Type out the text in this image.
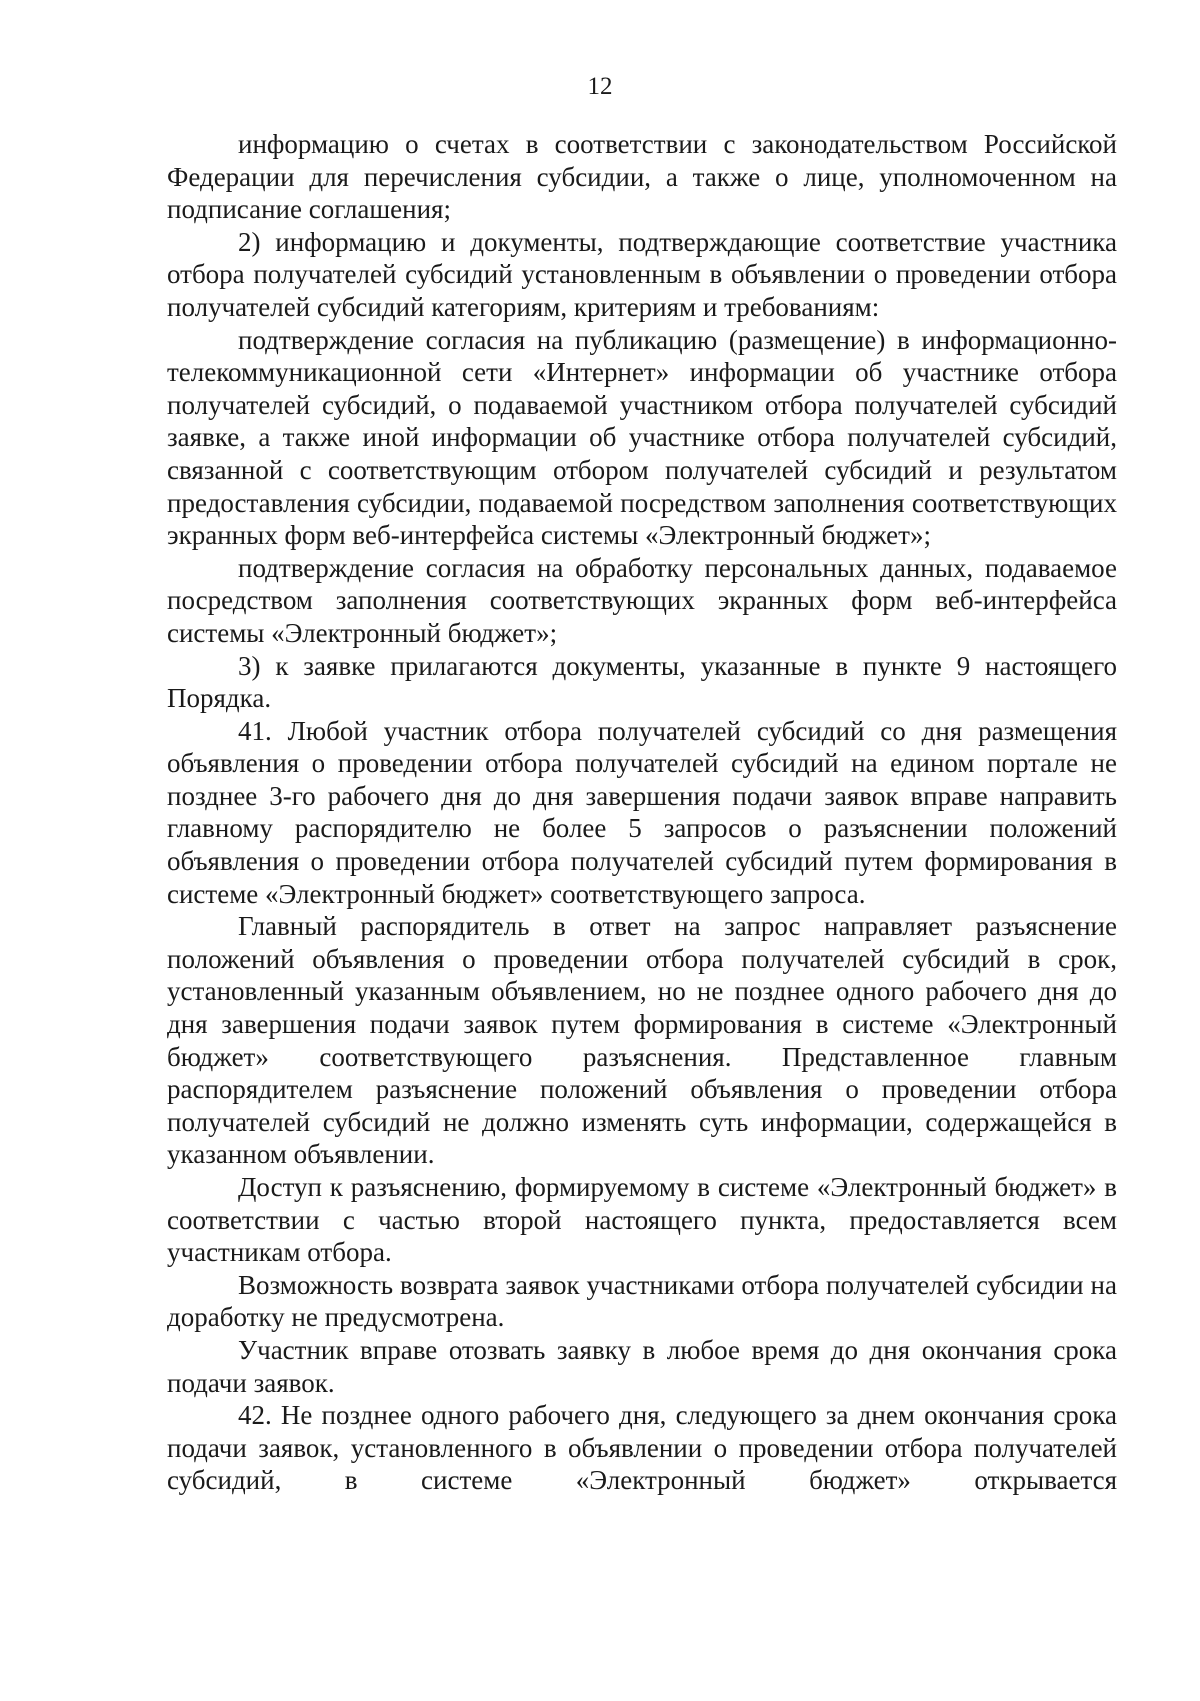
12

информацию о счетах в соответствии с законодательством Российской Федерации для перечисления субсидии, а также о лице, уполномоченном на подписание соглашения;

2) информацию и документы, подтверждающие соответствие участника отбора получателей субсидий установленным в объявлении о проведении отбора получателей субсидий категориям, критериям и требованиям:

подтверждение согласия на публикацию (размещение) в информационно-телекоммуникационной сети «Интернет» информации об участнике отбора получателей субсидий, о подаваемой участником отбора получателей субсидий заявке, а также иной информации об участнике отбора получателей субсидий, связанной с соответствующим отбором получателей субсидий и результатом предоставления субсидии, подаваемой посредством заполнения соответствующих экранных форм веб-интерфейса системы «Электронный бюджет»;

подтверждение согласия на обработку персональных данных, подаваемое посредством заполнения соответствующих экранных форм веб-интерфейса системы «Электронный бюджет»;

3) к заявке прилагаются документы, указанные в пункте 9 настоящего Порядка.

41. Любой участник отбора получателей субсидий со дня размещения объявления о проведении отбора получателей субсидий на едином портале не позднее 3-го рабочего дня до дня завершения подачи заявок вправе направить главному распорядителю не более 5 запросов о разъяснении положений объявления о проведении отбора получателей субсидий путем формирования в системе «Электронный бюджет» соответствующего запроса.

Главный распорядитель в ответ на запрос направляет разъяснение положений объявления о проведении отбора получателей субсидий в срок, установленный указанным объявлением, но не позднее одного рабочего дня до дня завершения подачи заявок путем формирования в системе «Электронный бюджет» соответствующего разъяснения. Представленное главным распорядителем разъяснение положений объявления о проведении отбора получателей субсидий не должно изменять суть информации, содержащейся в указанном объявлении.

Доступ к разъяснению, формируемому в системе «Электронный бюджет» в соответствии с частью второй настоящего пункта, предоставляется всем участникам отбора.

Возможность возврата заявок участниками отбора получателей субсидии на доработку не предусмотрена.

Участник вправе отозвать заявку в любое время до дня окончания срока подачи заявок.

42. Не позднее одного рабочего дня, следующего за днем окончания срока подачи заявок, установленного в объявлении о проведении отбора получателей субсидий, в системе «Электронный бюджет» открывается
